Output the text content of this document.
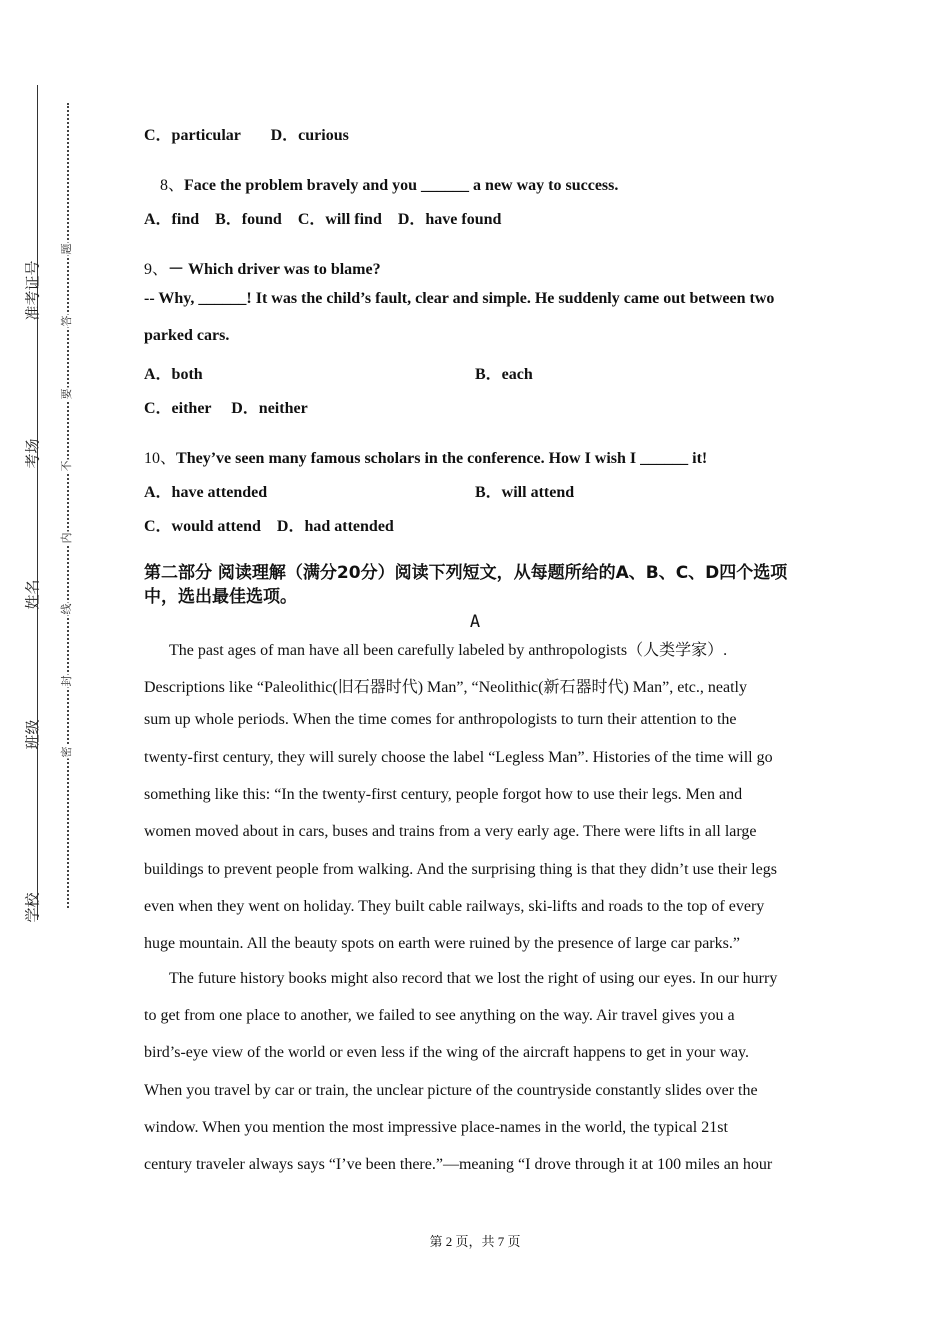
准考证号
考场
姓名
班级
学校
题
答
要
不
内
线
封
密
C．particular D．curious
8、Face the problem bravely and you ______ a new way to success.
A．find　B．found　C．will find　D．have found
9、－ Which driver was to blame?
-- Why, ______! It was the child’s fault, clear and simple. He suddenly came out between two
parked cars.
A．both	B．each
C．either　 D．neither
10、They’ve seen many famous scholars in the conference. How I wish I ______ it!
A．have attended	B．will attend
C．would attend　D．had attended
第二部分 阅读理解（满分20分）阅读下列短文，从每题所给的A、B、C、D四个选项中，选出最佳选项。
A
The past ages of man have all been carefully labeled by anthropologists（人类学家）.
Descriptions like “Paleolithic(旧石器时代) Man”, “Neolithic(新石器时代) Man”, etc., neatly
sum up whole periods. When the time comes for anthropologists to turn their attention to the
twenty-first century, they will surely choose the label “Legless Man”. Histories of the time will go
something like this: “In the twenty-first century, people forgot how to use their legs. Men and
women moved about in cars, buses and trains from a very early age. There were lifts in all large
buildings to prevent people from walking. And the surprising thing is that they didn’t use their legs
even when they went on holiday. They built cable railways, ski-lifts and roads to the top of every
huge mountain. All the beauty spots on earth were ruined by the presence of large car parks.”
The future history books might also record that we lost the right of using our eyes. In our hurry
to get from one place to another, we failed to see anything on the way. Air travel gives you a
bird’s-eye view of the world or even less if the wing of the aircraft happens to get in your way.
When you travel by car or train, the unclear picture of the countryside constantly slides over the
window. When you mention the most impressive place-names in the world, the typical 21st
century traveler always says “I’ve been there.”—meaning “I drove through it at 100 miles an hour
第 2 页，共 7 页
